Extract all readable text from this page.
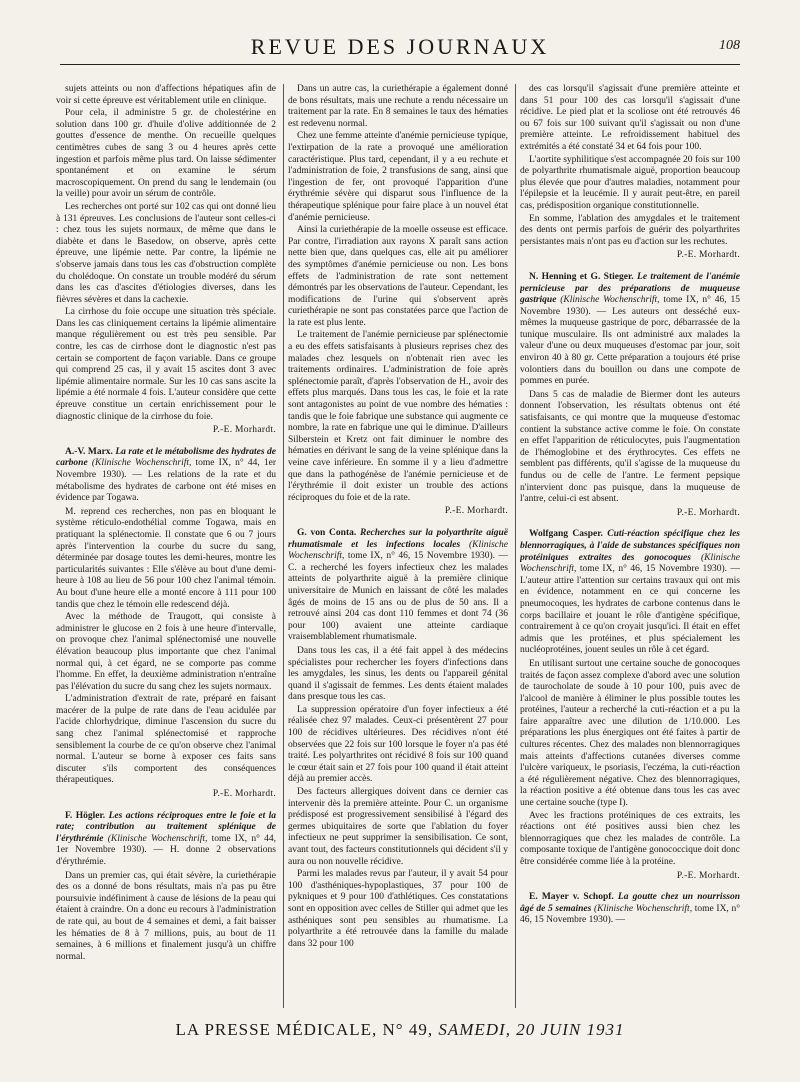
REVUE DES JOURNAUX	108

sujets atteints ou non d'affections hépatiques afin de voir si cette épreuve est véritablement utile en clinique.

Pour cela, il administre 5 gr. de cholestérine en solution dans 100 gr. d'huile d'olive additionnée de 2 gouttes d'essence de menthe. On recueille quelques centimètres cubes de sang 3 ou 4 heures après cette ingestion et parfois même plus tard. On laisse sédimenter spontanément et on examine le sérum macroscopiquement. On prend du sang le lendemain (ou la veille) pour avoir un sérum de contrôle.

Les recherches ont porté sur 102 cas qui ont donné lieu à 131 épreuves. Les conclusions de l'auteur sont celles-ci : chez tous les sujets normaux, de même que dans le diabète et dans le Basedow, on observe, après cette épreuve, une lipémie nette. Par contre, la lipémie ne s'observe jamais dans tous les cas d'obstruction complète du cholédoque. On constate un trouble modéré du sérum dans les cas d'ascites d'étiologies diverses, dans les fièvres sévères et dans la cachexie.

La cirrhose du foie occupe une situation très spéciale. Dans les cas cliniquement certains la lipémie alimentaire manque régulièrement ou est très peu sensible. Par contre, les cas de cirrhose dont le diagnostic n'est pas certain se comportent de façon variable. Dans ce groupe qui comprend 25 cas, il y avait 15 ascites dont 3 avec lipémie alimentaire normale. Sur les 10 cas sans ascite la lipémie a été normale 4 fois. L'auteur considère que cette épreuve constitue un certain enrichissement pour le diagnostic clinique de la cirrhose du foie.

P.-E. Morhardt.

A.-V. Marx. La rate et le métabolisme des hydrates de carbone (Klinische Wochenschrift, tome IX, n° 44, 1er Novembre 1930). — Les relations de la rate et du métabolisme des hydrates de carbone ont été mises en évidence par Togawa.

M. reprend ces recherches, non pas en bloquant le système réticulo-endothélial comme Togawa, mais en pratiquant la splénectomie. Il constate que 6 ou 7 jours après l'intervention la courbe du sucre du sang, déterminée par dosage toutes les demi-heures, montre les particularités suivantes : Elle s'élève au bout d'une demi-heure à 108 au lieu de 56 pour 100 chez l'animal témoin. Au bout d'une heure elle a monté encore à 111 pour 100 tandis que chez le témoin elle redescend déjà.

Avec la méthode de Traugott, qui consiste à administrer le glucose en 2 fois à une heure d'intervalle, on provoque chez l'animal splénectomisé une nouvelle élévation beaucoup plus importante que chez l'animal normal qui, à cet égard, ne se comporte pas comme l'homme. En effet, la deuxième administration n'entraîne pas l'élévation du sucre du sang chez les sujets normaux.

L'administration d'extrait de rate, préparé en faisant macérer de la pulpe de rate dans de l'eau acidulée par l'acide chlorhydrique, diminue l'ascension du sucre du sang chez l'animal splénectomisé et rapproche sensiblement la courbe de ce qu'on observe chez l'animal normal. L'auteur se borne à exposer ces faits sans discuter s'ils comportent des conséquences thérapeutiques.

P.-E. Morhardt.

F. Högler. Les actions réciproques entre le foie et la rate; contribution au traitement splénique de l'érythrémie (Klinische Wochenschrift, tome IX, n° 44, 1er Novembre 1930). — H. donne 2 observations d'érythrémie.

Dans un premier cas, qui était sévère, la curiethérapie des os a donné de bons résultats, mais n'a pas pu être poursuivie indéfiniment à cause de lésions de la peau qui étaient à craindre. On a donc eu recours à l'administration de rate qui, au bout de 4 semaines et demi, a fait baisser les hématies de 8 à 7 millions, puis, au bout de 11 semaines, à 6 millions et finalement jusqu'à un chiffre normal.

Dans un autre cas, la curiethérapie a également donné de bons résultats, mais une rechute a rendu nécessaire un traitement par la rate. En 8 semaines le taux des hématies est redevenu normal.

Chez une femme atteinte d'anémie pernicieuse typique, l'extirpation de la rate a provoqué une amélioration caractéristique. Plus tard, cependant, il y a eu rechute et l'administration de foie, 2 transfusions de sang, ainsi que l'ingestion de fer, ont provoqué l'apparition d'une érythrémie sévère qui disparut sous l'influence de la thérapeutique splénique pour faire place à un nouvel état d'anémie pernicieuse.

Ainsi la curiethérapie de la moelle osseuse est efficace. Par contre, l'irradiation aux rayons X paraît sans action nette bien que, dans quelques cas, elle ait pu améliorer des symptômes d'anémie pernicieuse ou non. Les bons effets de l'administration de rate sont nettement démontrés par les observations de l'auteur. Cependant, les modifications de l'urine qui s'observent après curiethérapie ne sont pas constatées parce que l'action de la rate est plus lente.

Le traitement de l'anémie pernicieuse par splénectomie a eu des effets satisfaisants à plusieurs reprises chez des malades chez lesquels on n'obtenait rien avec les traitements ordinaires. L'administration de foie après splénectomie paraît, d'après l'observation de H., avoir des effets plus marqués. Dans tous les cas, le foie et la rate sont antagonistes au point de vue nombre des hématies : tandis que le foie fabrique une substance qui augmente ce nombre, la rate en fabrique une qui le diminue. D'ailleurs Silberstein et Kretz ont fait diminuer le nombre des hématies en dérivant le sang de la veine splénique dans la veine cave inférieure. En somme il y a lieu d'admettre que dans la pathogénèse de l'anémie pernicieuse et de l'érythrémie il doit exister un trouble des actions réciproques du foie et de la rate.

P.-E. Morhardt.

G. von Conta. Recherches sur la polyarthrite aiguë rhumatismale et les infections locales (Klinische Wochenschrift, tome IX, n° 46, 15 Novembre 1930). — C. a recherché les foyers infectieux chez les malades atteints de polyarthrite aiguë à la première clinique universitaire de Munich en laissant de côté les malades âgés de moins de 15 ans ou de plus de 50 ans. Il a retrouvé ainsi 204 cas dont 110 femmes et dont 74 (36 pour 100) avaient une atteinte cardiaque vraisemblablement rhumatismale.

Dans tous les cas, il a été fait appel à des médecins spécialistes pour rechercher les foyers d'infections dans les amygdales, les sinus, les dents ou l'appareil génital quand il s'agissait de femmes. Les dents étaient malades dans presque tous les cas.

La suppression opératoire d'un foyer infectieux a été réalisée chez 97 malades. Ceux-ci présentèrent 27 pour 100 de récidives ultérieures. Des récidives n'ont été observées que 22 fois sur 100 lorsque le foyer n'a pas été traité. Les polyarthrites ont récidivé 8 fois sur 100 quand le cœur était sain et 27 fois pour 100 quand il était atteint déjà au premier accès.

Des facteurs allergiques doivent dans ce dernier cas intervenir dès la première atteinte. Pour C. un organisme prédisposé est progressivement sensibilisé à l'égard des germes ubiquitaires de sorte que l'ablation du foyer infectieux ne peut supprimer la sensibilisation. Ce sont, avant tout, des facteurs constitutionnels qui décident s'il y aura ou non nouvelle récidive.

Parmi les malades revus par l'auteur, il y avait 54 pour 100 d'asthéniques-hypoplastiques, 37 pour 100 de pykniques et 9 pour 100 d'athlétiques. Ces constatations sont en opposition avec celles de Stiller qui admet que les asthéniques sont peu sensibles au rhumatisme. La polyarthrite a été retrouvée dans la famille du malade dans 32 pour 100

des cas lorsqu'il s'agissait d'une première atteinte et dans 51 pour 100 des cas lorsqu'il s'agissait d'une récidive. Le pied plat et la scoliose ont été retrouvés 46 ou 67 fois sur 100 suivant qu'il s'agissait ou non d'une première atteinte. Le refroidissement habituel des extrémités a été constaté 34 et 64 fois pour 100.

L'aortite syphilitique s'est accompagnée 20 fois sur 100 de polyarthrite rhumatismale aiguë, proportion beaucoup plus élevée que pour d'autres maladies, notamment pour l'épilepsie et la leucémie. Il y aurait peut-être, en pareil cas, prédisposition organique constitutionnelle.

En somme, l'ablation des amygdales et le traitement des dents ont permis parfois de guérir des polyarthrites persistantes mais n'ont pas eu d'action sur les rechutes.

P.-E. Morhardt.

N. Henning et G. Stieger. Le traitement de l'anémie pernicieuse par des préparations de muqueuse gastrique (Klinische Wochenschrift, tome IX, n° 46, 15 Novembre 1930). — Les auteurs ont desséché eux-mêmes la muqueuse gastrique de porc, débarrassée de la tunique musculaire. Ils ont administré aux malades la valeur d'une ou deux muqueuses d'estomac par jour, soit environ 40 à 80 gr. Cette préparation a toujours été prise volontiers dans du bouillon ou dans une compote de pommes en purée.

Dans 5 cas de maladie de Biermer dont les auteurs donnent l'observation, les résultats obtenus ont été satisfaisants, ce qui montre que la muqueuse d'estomac contient la substance active comme le foie. On constate en effet l'apparition de réticulocytes, puis l'augmentation de l'hémoglobine et des érythrocytes. Ces effets ne semblent pas différents, qu'il s'agisse de la muqueuse du fundus ou de celle de l'antre. Le ferment pepsique n'intervient donc pas puisque, dans la muqueuse de l'antre, celui-ci est absent.

P.-E. Morhardt.

Wolfgang Casper. Cuti-réaction spécifique chez les blennorragiques, à l'aide de substances spécifiques non protéiniques extraites des gonocoques (Klinische Wochenschrift, tome IX, n° 46, 15 Novembre 1930). — L'auteur attire l'attention sur certains travaux qui ont mis en évidence, notamment en ce qui concerne les pneumocoques, les hydrates de carbone contenus dans le corps bacillaire et jouant le rôle d'antigène spécifique, contrairement à ce qu'on croyait jusqu'ici. Il était en effet admis que les protéines, et plus spécialement les nucléoprotéines, jouent seules un rôle à cet égard.

En utilisant surtout une certaine souche de gonocoques traités de façon assez complexe d'abord avec une solution de taurocholate de soude à 10 pour 100, puis avec de l'alcool de manière à éliminer le plus possible toutes les protéines, l'auteur a recherché la cuti-réaction et a pu la faire apparaître avec une dilution de 1/10.000. Les préparations les plus énergiques ont été faites à partir de cultures récentes. Chez des malades non blennorragiques mais atteints d'affections cutanées diverses comme l'ulcère variqueux, le psoriasis, l'eczéma, la cuti-réaction a été régulièrement négative. Chez des blennorragiques, la réaction positive a été obtenue dans tous les cas avec une certaine souche (type I).

Avec les fractions protéiniques de ces extraits, les réactions ont été positives aussi bien chez les blennorragiques que chez les malades de contrôle. La composante toxique de l'antigène gonococcique doit donc être considérée comme liée à la protéine.

P.-E. Morhardt.

E. Mayer v. Schopf. La goutte chez un nourrisson âgé de 5 semaines (Klinische Wochenschrift, tome IX, n° 46, 15 Novembre 1930). —

LA PRESSE MÉDICALE, N° 49, SAMEDI, 20 JUIN 1931
